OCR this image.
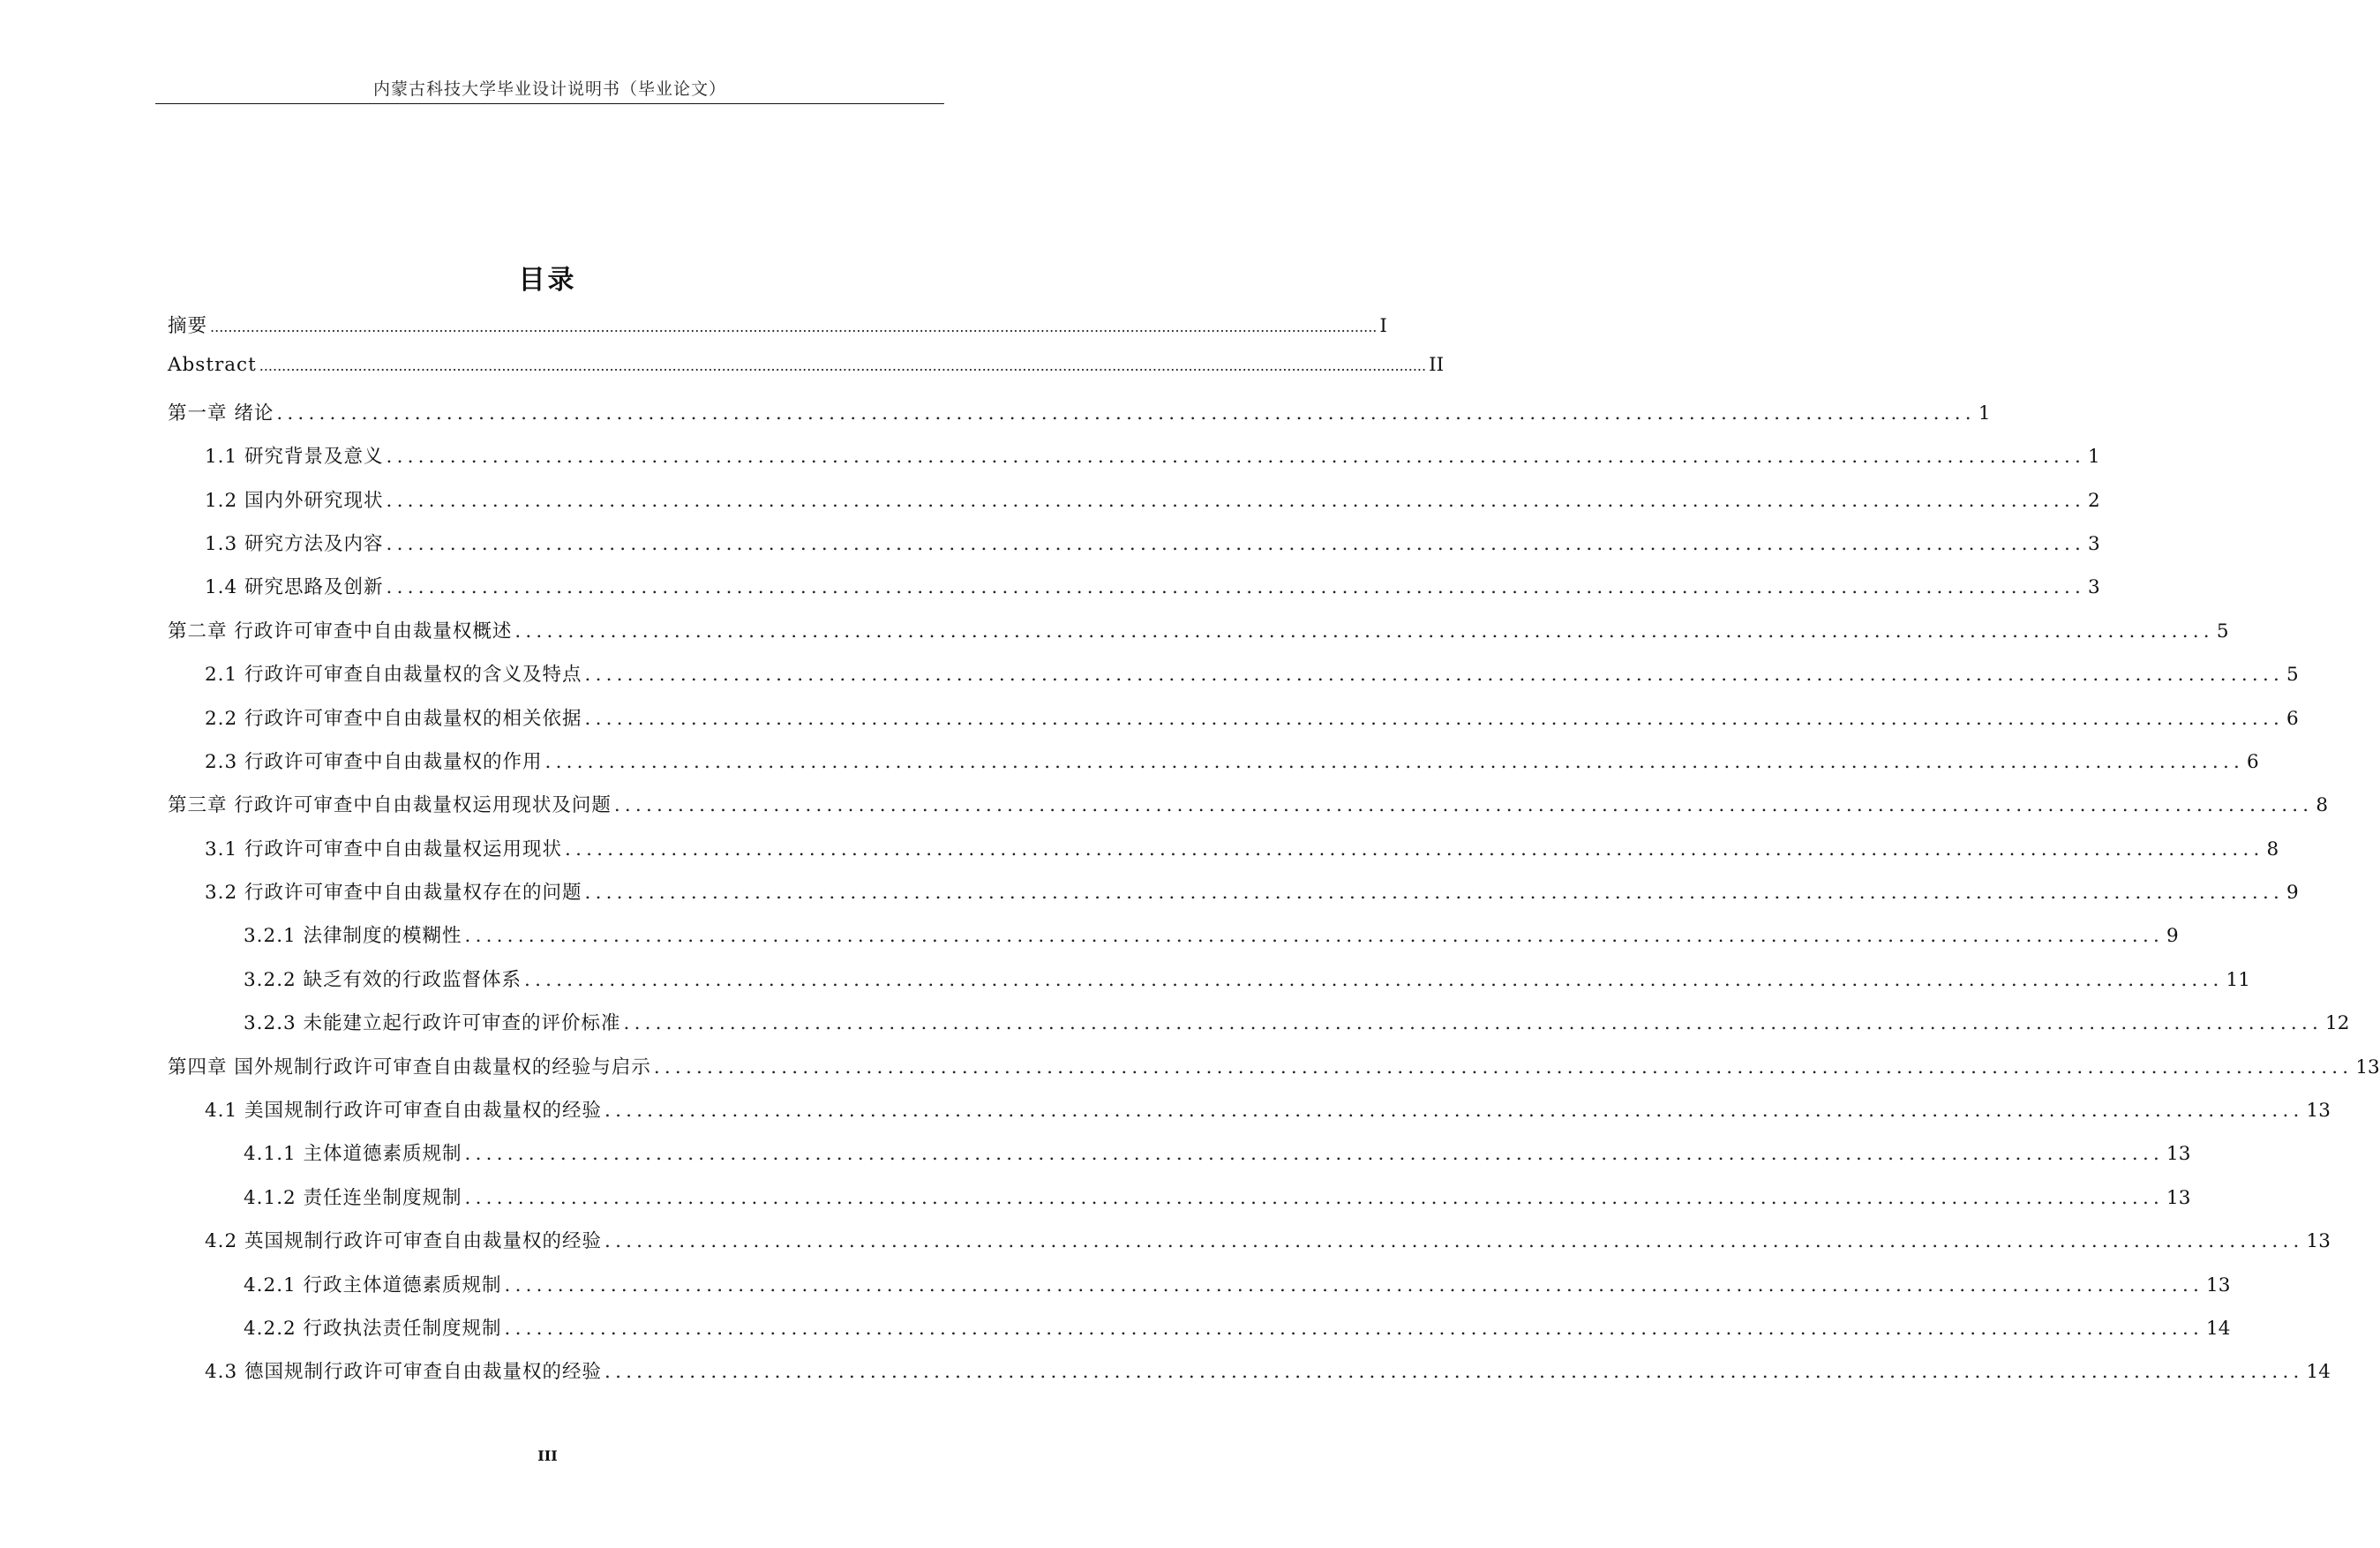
内蒙古科技大学毕业设计说明书（毕业论文）
目录
摘要 .................................................................................................................................................................................................................................................................... I
Abstract .................................................................................................................................................................................................................................................................... II
第一章 绪论 ................................................................................................................................................................ 1
1.1 研究背景及意义 ................................................................................................................................................................ 1
1.2 国内外研究现状 ................................................................................................................................................................ 2
1.3 研究方法及内容 ................................................................................................................................................................ 3
1.4 研究思路及创新 ................................................................................................................................................................ 3
第二章 行政许可审查中自由裁量权概述 ................................................................................................................................................................ 5
2.1 行政许可审查自由裁量权的含义及特点 ................................................................................................................................................................ 5
2.2 行政许可审查中自由裁量权的相关依据 ................................................................................................................................................................ 6
2.3 行政许可审查中自由裁量权的作用 ................................................................................................................................................................ 6
第三章 行政许可审查中自由裁量权运用现状及问题 ................................................................................................................................................................ 8
3.1 行政许可审查中自由裁量权运用现状 ................................................................................................................................................................ 8
3.2 行政许可审查中自由裁量权存在的问题 ................................................................................................................................................................ 9
3.2.1 法律制度的模糊性 ................................................................................................................................................................ 9
3.2.2 缺乏有效的行政监督体系 ................................................................................................................................................................ 11
3.2.3 未能建立起行政许可审查的评价标准 ................................................................................................................................................................ 12
第四章 国外规制行政许可审查自由裁量权的经验与启示 ................................................................................................................................................................ 13
4.1 美国规制行政许可审查自由裁量权的经验 ................................................................................................................................................................ 13
4.1.1 主体道德素质规制 ................................................................................................................................................................ 13
4.1.2 责任连坐制度规制 ................................................................................................................................................................ 13
4.2 英国规制行政许可审查自由裁量权的经验 ................................................................................................................................................................ 13
4.2.1 行政主体道德素质规制 ................................................................................................................................................................ 13
4.2.2 行政执法责任制度规制 ................................................................................................................................................................ 14
4.3 德国规制行政许可审查自由裁量权的经验 ................................................................................................................................................................ 14
III
